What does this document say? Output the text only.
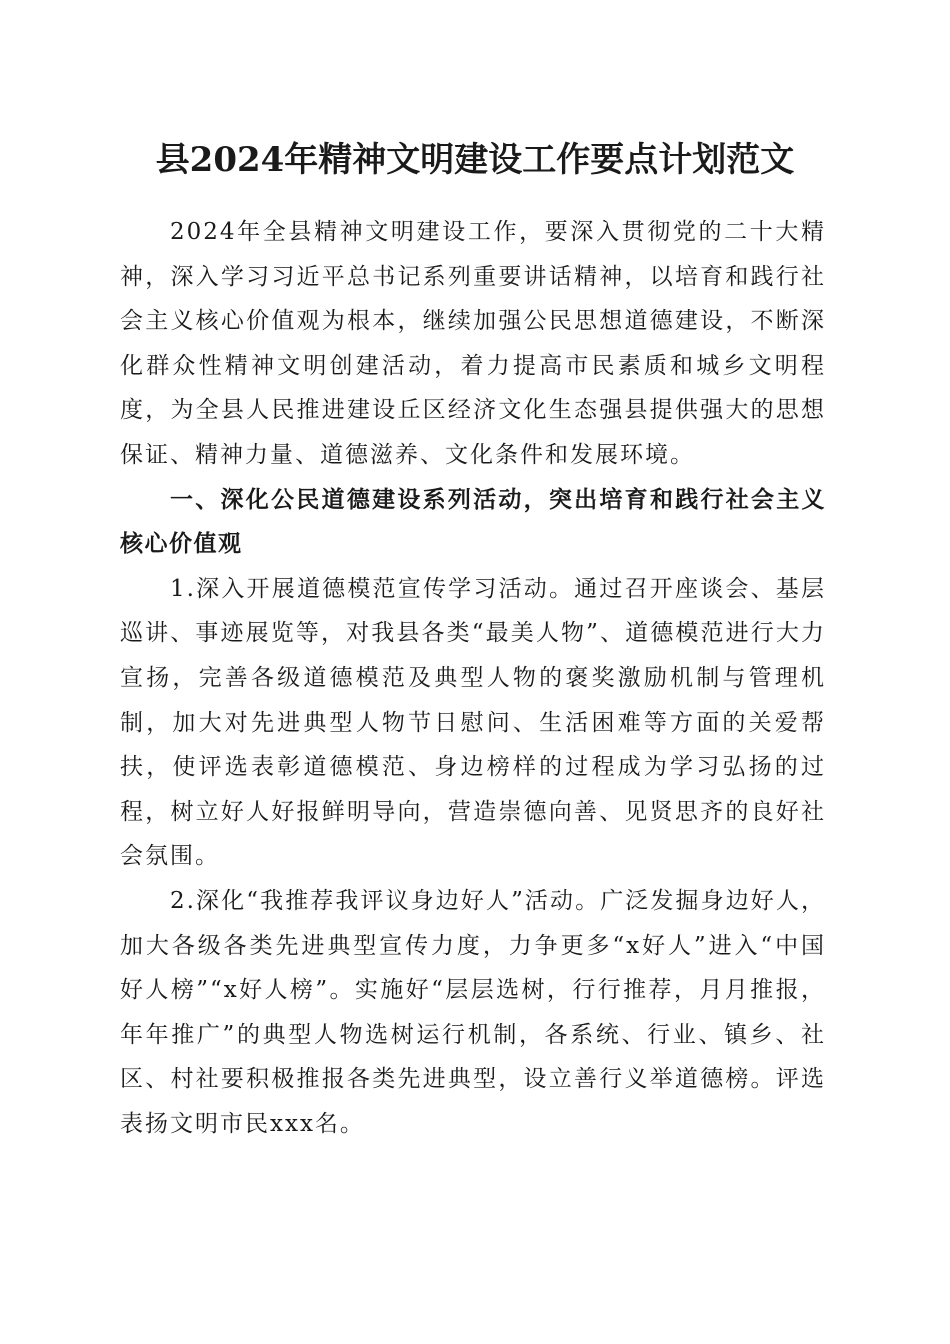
县2024年精神文明建设工作要点计划范文

2024年全县精神文明建设工作，要深入贯彻党的二十大精神，深入学习习近平总书记系列重要讲话精神，以培育和践行社会主义核心价值观为根本，继续加强公民思想道德建设，不断深化群众性精神文明创建活动，着力提高市民素质和城乡文明程度，为全县人民推进建设丘区经济文化生态强县提供强大的思想保证、精神力量、道德滋养、文化条件和发展环境。

一、深化公民道德建设系列活动，突出培育和践行社会主义核心价值观

1.深入开展道德模范宣传学习活动。通过召开座谈会、基层巡讲、事迹展览等，对我县各类“最美人物”、道德模范进行大力宣扬，完善各级道德模范及典型人物的褒奖激励机制与管理机制，加大对先进典型人物节日慰问、生活困难等方面的关爱帮扶，使评选表彰道德模范、身边榜样的过程成为学习弘扬的过程，树立好人好报鲜明导向，营造崇德向善、见贤思齐的良好社会氛围。

2.深化“我推荐我评议身边好人”活动。广泛发掘身边好人，加大各级各类先进典型宣传力度，力争更多“x好人”进入“中国好人榜”“x好人榜”。实施好“层层选树，行行推荐，月月推报，年年推广”的典型人物选树运行机制，各系统、行业、镇乡、社区、村社要积极推报各类先进典型，设立善行义举道德榜。评选表扬文明市民xxx名。
